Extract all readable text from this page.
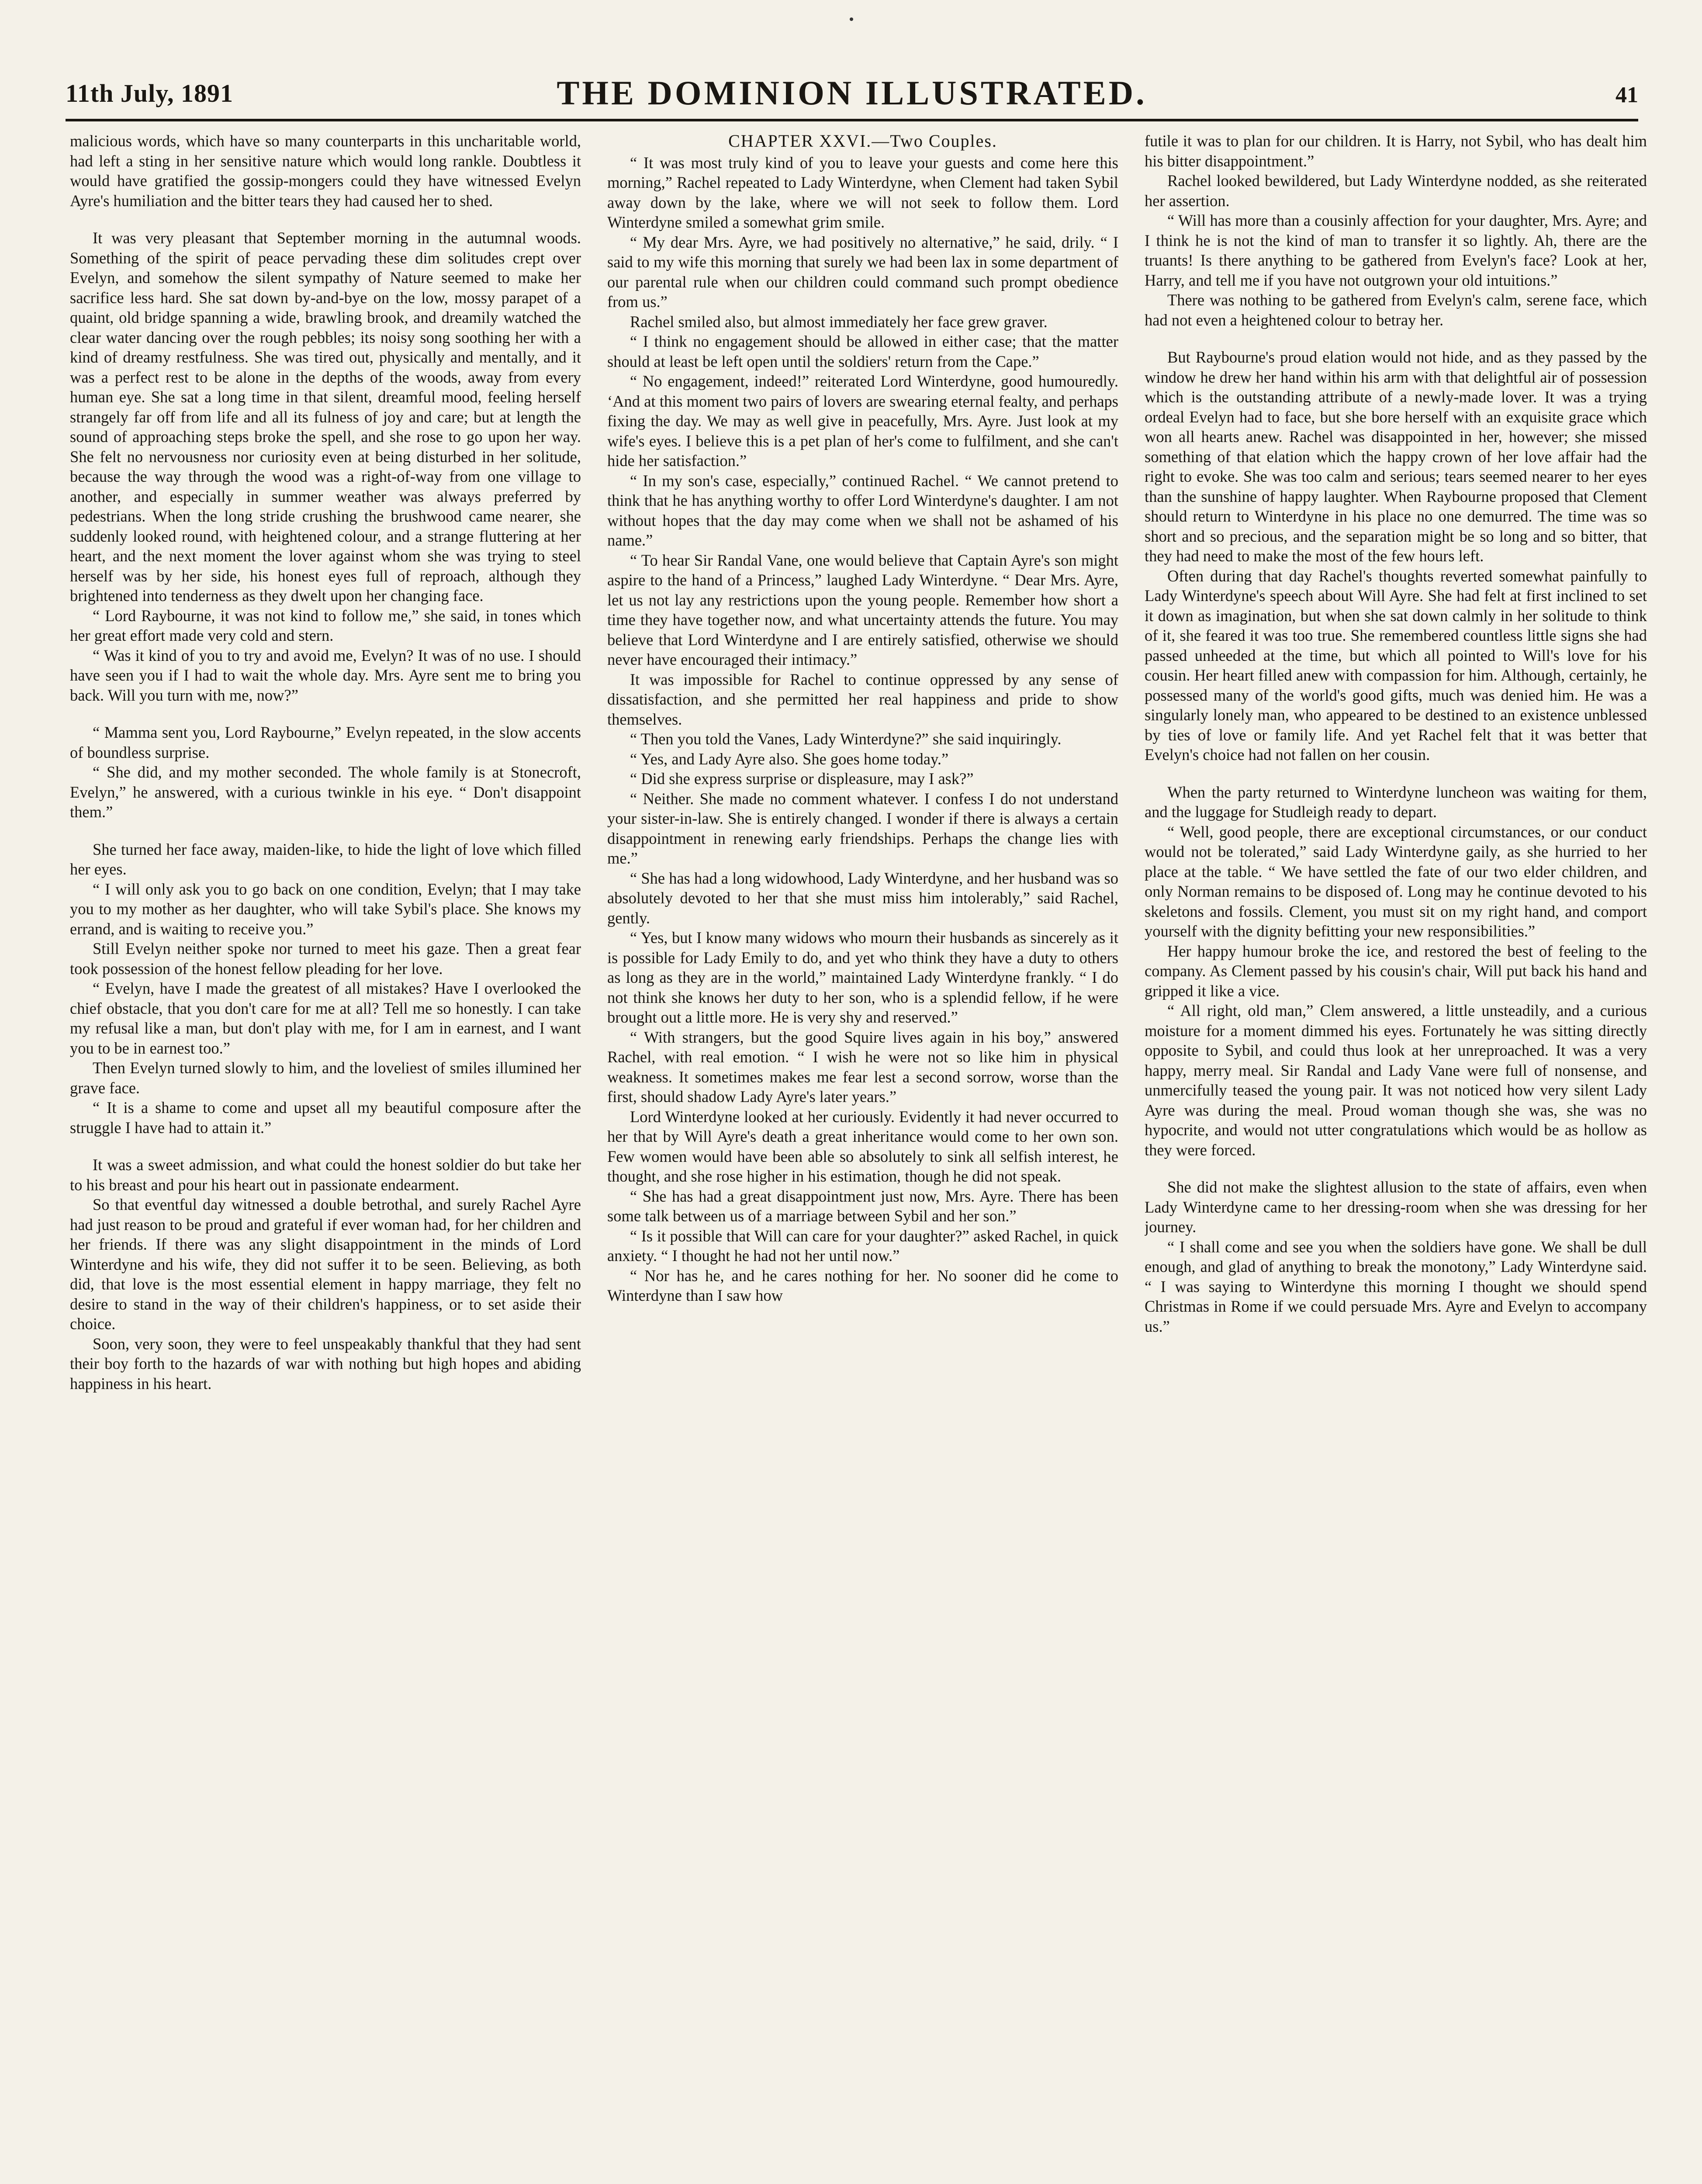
11th July, 1891	THE DOMINION ILLUSTRATED.	41

malicious words, which have so many counterparts in this uncharitable world, had left a sting in her sensitive nature which would long rankle. Doubtless it would have gratified the gossip-mongers could they have witnessed Evelyn Ayre's humiliation and the bitter tears they had caused her to shed.

It was very pleasant that September morning in the autumnal woods. Something of the spirit of peace pervading these dim solitudes crept over Evelyn, and somehow the silent sympathy of Nature seemed to make her sacrifice less hard. She sat down by-and-bye on the low, mossy parapet of a quaint, old bridge spanning a wide, brawling brook, and dreamily watched the clear water dancing over the rough pebbles; its noisy song soothing her with a kind of dreamy restfulness. She was tired out, physically and mentally, and it was a perfect rest to be alone in the depths of the woods, away from every human eye. She sat a long time in that silent, dreamful mood, feeling herself strangely far off from life and all its fulness of joy and care; but at length the sound of approaching steps broke the spell, and she rose to go upon her way. She felt no nervousness nor curiosity even at being disturbed in her solitude, because the way through the wood was a right-of-way from one village to another, and especially in summer weather was always preferred by pedestrians. When the long stride crushing the brushwood came nearer, she suddenly looked round, with heightened colour, and a strange fluttering at her heart, and the next moment the lover against whom she was trying to steel herself was by her side, his honest eyes full of reproach, although they brightened into tenderness as they dwelt upon her changing face.

“ Lord Raybourne, it was not kind to follow me,” she said, in tones which her great effort made very cold and stern.

“ Was it kind of you to try and avoid me, Evelyn? It was of no use. I should have seen you if I had to wait the whole day. Mrs. Ayre sent me to bring you back. Will you turn with me, now?”

“ Mamma sent you, Lord Raybourne,” Evelyn repeated, in the slow accents of boundless surprise.

“ She did, and my mother seconded. The whole family is at Stonecroft, Evelyn,” he answered, with a curious twinkle in his eye. “ Don't disappoint them.”

She turned her face away, maiden-like, to hide the light of love which filled her eyes.

“ I will only ask you to go back on one condition, Evelyn; that I may take you to my mother as her daughter, who will take Sybil's place. She knows my errand, and is waiting to receive you.”

Still Evelyn neither spoke nor turned to meet his gaze. Then a great fear took possession of the honest fellow pleading for her love.

“ Evelyn, have I made the greatest of all mistakes? Have I overlooked the chief obstacle, that you don't care for me at all? Tell me so honestly. I can take my refusal like a man, but don't play with me, for I am in earnest, and I want you to be in earnest too.”

Then Evelyn turned slowly to him, and the loveliest of smiles illumined her grave face.

“ It is a shame to come and upset all my beautiful composure after the struggle I have had to attain it.”

It was a sweet admission, and what could the honest soldier do but take her to his breast and pour his heart out in passionate endearment.

So that eventful day witnessed a double betrothal, and surely Rachel Ayre had just reason to be proud and grateful if ever woman had, for her children and her friends. If there was any slight disappointment in the minds of Lord Winterdyne and his wife, they did not suffer it to be seen. Believing, as both did, that love is the most essential element in happy marriage, they felt no desire to stand in the way of their children's happiness, or to set aside their choice.

Soon, very soon, they were to feel unspeakably thankful that they had sent their boy forth to the hazards of war with nothing but high hopes and abiding happiness in his heart.

CHAPTER XXVI.—Two Couples.

“ It was most truly kind of you to leave your guests and come here this morning,” Rachel repeated to Lady Winterdyne, when Clement had taken Sybil away down by the lake, where we will not seek to follow them. Lord Winterdyne smiled a somewhat grim smile.

“ My dear Mrs. Ayre, we had positively no alternative,” he said, drily. “ I said to my wife this morning that surely we had been lax in some department of our parental rule when our children could command such prompt obedience from us.”

Rachel smiled also, but almost immediately her face grew graver.

“ I think no engagement should be allowed in either case; that the matter should at least be left open until the soldiers' return from the Cape.”

“ No engagement, indeed!” reiterated Lord Winterdyne, good humouredly. ‘And at this moment two pairs of lovers are swearing eternal fealty, and perhaps fixing the day. We may as well give in peacefully, Mrs. Ayre. Just look at my wife's eyes. I believe this is a pet plan of her's come to fulfilment, and she can't hide her satisfaction.”

“ In my son's case, especially,” continued Rachel. “ We cannot pretend to think that he has anything worthy to offer Lord Winterdyne's daughter. I am not without hopes that the day may come when we shall not be ashamed of his name.”

“ To hear Sir Randal Vane, one would believe that Captain Ayre's son might aspire to the hand of a Princess,” laughed Lady Winterdyne. “ Dear Mrs. Ayre, let us not lay any restrictions upon the young people. Remember how short a time they have together now, and what uncertainty attends the future. You may believe that Lord Winterdyne and I are entirely satisfied, otherwise we should never have encouraged their intimacy.”

It was impossible for Rachel to continue oppressed by any sense of dissatisfaction, and she permitted her real happiness and pride to show themselves.

“ Then you told the Vanes, Lady Winterdyne?” she said inquiringly.

“ Yes, and Lady Ayre also. She goes home today.”

“ Did she express surprise or displeasure, may I ask?”

“ Neither. She made no comment whatever. I confess I do not understand your sister-in-law. She is entirely changed. I wonder if there is always a certain disappointment in renewing early friendships. Perhaps the change lies with me.”

“ She has had a long widowhood, Lady Winterdyne, and her husband was so absolutely devoted to her that she must miss him intolerably,” said Rachel, gently.

“ Yes, but I know many widows who mourn their husbands as sincerely as it is possible for Lady Emily to do, and yet who think they have a duty to others as long as they are in the world,” maintained Lady Winterdyne frankly. “ I do not think she knows her duty to her son, who is a splendid fellow, if he were brought out a little more. He is very shy and reserved.”

“ With strangers, but the good Squire lives again in his boy,” answered Rachel, with real emotion. “ I wish he were not so like him in physical weakness. It sometimes makes me fear lest a second sorrow, worse than the first, should shadow Lady Ayre's later years.”

Lord Winterdyne looked at her curiously. Evidently it had never occurred to her that by Will Ayre's death a great inheritance would come to her own son. Few women would have been able so absolutely to sink all selfish interest, he thought, and she rose higher in his estimation, though he did not speak.

“ She has had a great disappointment just now, Mrs. Ayre. There has been some talk between us of a marriage between Sybil and her son.”

“ Is it possible that Will can care for your daughter?” asked Rachel, in quick anxiety. “ I thought he had not her until now.”

“ Nor has he, and he cares nothing for her. No sooner did he come to Winterdyne than I saw how

futile it was to plan for our children. It is Harry, not Sybil, who has dealt him his bitter disappointment.”

Rachel looked bewildered, but Lady Winterdyne nodded, as she reiterated her assertion.

“ Will has more than a cousinly affection for your daughter, Mrs. Ayre; and I think he is not the kind of man to transfer it so lightly. Ah, there are the truants! Is there anything to be gathered from Evelyn's face? Look at her, Harry, and tell me if you have not outgrown your old intuitions.”

There was nothing to be gathered from Evelyn's calm, serene face, which had not even a heightened colour to betray her.

But Raybourne's proud elation would not hide, and as they passed by the window he drew her hand within his arm with that delightful air of possession which is the outstanding attribute of a newly-made lover. It was a trying ordeal Evelyn had to face, but she bore herself with an exquisite grace which won all hearts anew. Rachel was disappointed in her, however; she missed something of that elation which the happy crown of her love affair had the right to evoke. She was too calm and serious; tears seemed nearer to her eyes than the sunshine of happy laughter. When Raybourne proposed that Clement should return to Winterdyne in his place no one demurred. The time was so short and so precious, and the separation might be so long and so bitter, that they had need to make the most of the few hours left.

Often during that day Rachel's thoughts reverted somewhat painfully to Lady Winterdyne's speech about Will Ayre. She had felt at first inclined to set it down as imagination, but when she sat down calmly in her solitude to think of it, she feared it was too true. She remembered countless little signs she had passed unheeded at the time, but which all pointed to Will's love for his cousin. Her heart filled anew with compassion for him. Although, certainly, he possessed many of the world's good gifts, much was denied him. He was a singularly lonely man, who appeared to be destined to an existence unblessed by ties of love or family life. And yet Rachel felt that it was better that Evelyn's choice had not fallen on her cousin.

When the party returned to Winterdyne luncheon was waiting for them, and the luggage for Studleigh ready to depart.

“ Well, good people, there are exceptional circumstances, or our conduct would not be tolerated,” said Lady Winterdyne gaily, as she hurried to her place at the table. “ We have settled the fate of our two elder children, and only Norman remains to be disposed of. Long may he continue devoted to his skeletons and fossils. Clement, you must sit on my right hand, and comport yourself with the dignity befitting your new responsibilities.”

Her happy humour broke the ice, and restored the best of feeling to the company. As Clement passed by his cousin's chair, Will put back his hand and gripped it like a vice.

“ All right, old man,” Clem answered, a little unsteadily, and a curious moisture for a moment dimmed his eyes. Fortunately he was sitting directly opposite to Sybil, and could thus look at her unreproached. It was a very happy, merry meal. Sir Randal and Lady Vane were full of nonsense, and unmercifully teased the young pair. It was not noticed how very silent Lady Ayre was during the meal. Proud woman though she was, she was no hypocrite, and would not utter congratulations which would be as hollow as they were forced.

She did not make the slightest allusion to the state of affairs, even when Lady Winterdyne came to her dressing-room when she was dressing for her journey.

“ I shall come and see you when the soldiers have gone. We shall be dull enough, and glad of anything to break the monotony,” Lady Winterdyne said. “ I was saying to Winterdyne this morning I thought we should spend Christmas in Rome if we could persuade Mrs. Ayre and Evelyn to accompany us.”
